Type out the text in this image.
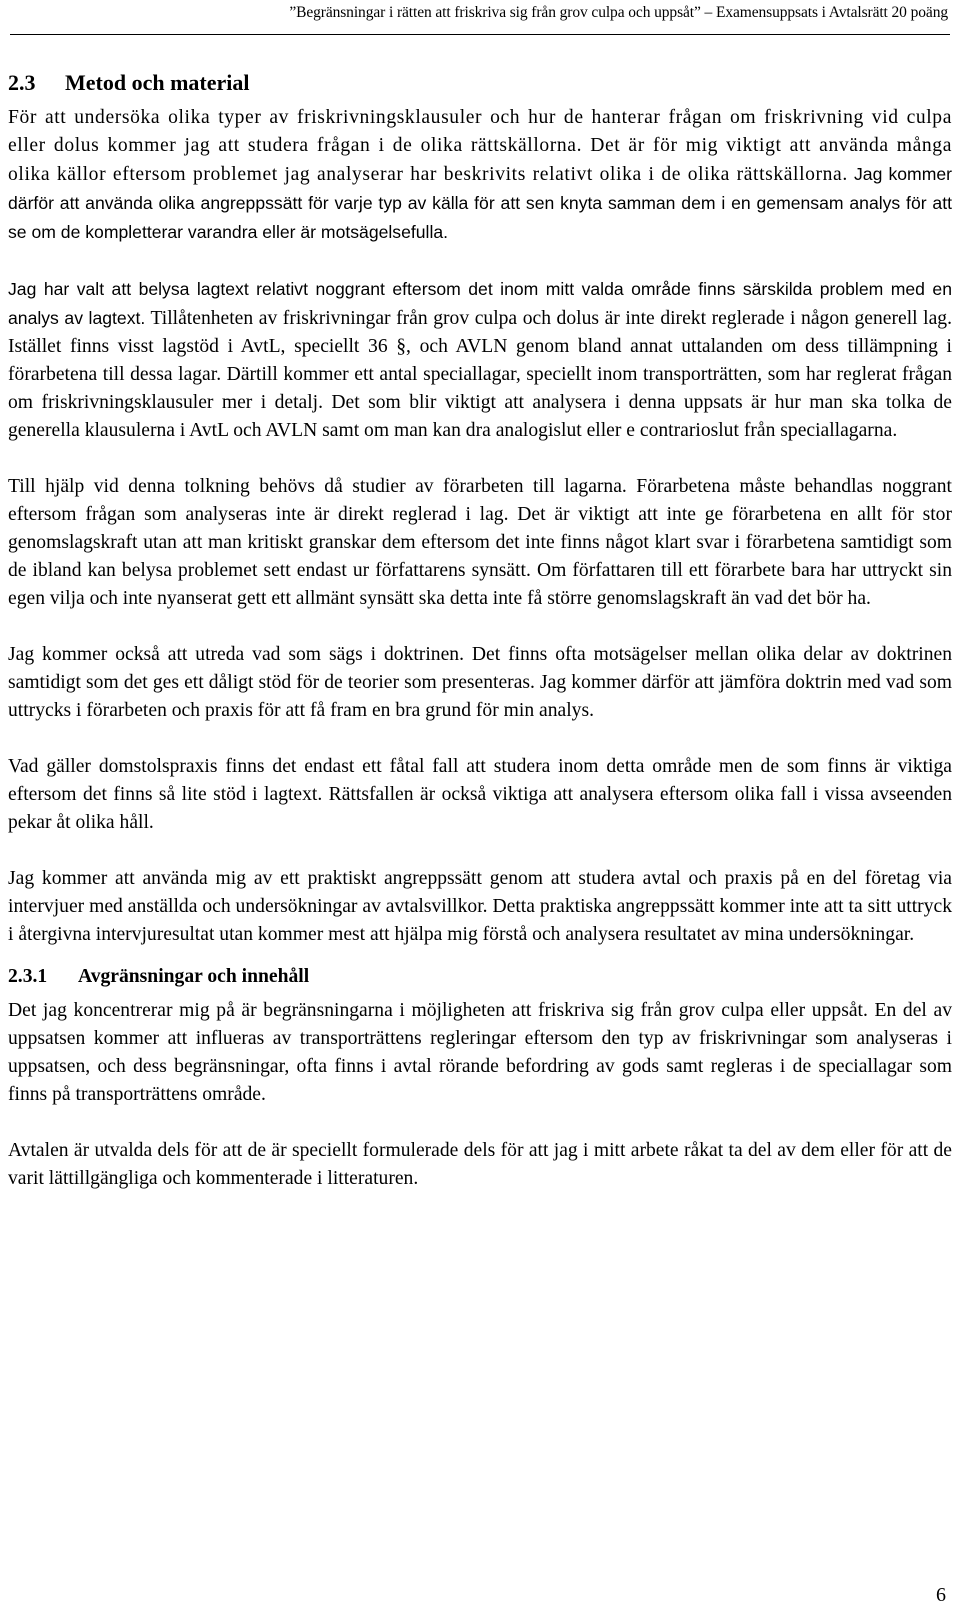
”Begränsningar i rätten att friskriva sig från grov culpa och uppsåt” – Examensuppsats i Avtalsrätt 20 poäng
2.3 Metod och material

För att undersöka olika typer av friskrivningsklausuler och hur de hanterar frågan om friskrivning vid culpa eller dolus kommer jag att studera frågan i de olika rättskällorna. Det är för mig viktigt att använda många olika källor eftersom problemet jag analyserar har beskrivits relativt olika i de olika rättskällorna. Jag kommer därför att använda olika angreppssätt för varje typ av källa för att sen knyta samman dem i en gemensam analys för att se om de kompletterar varandra eller är motsägelsefulla.

Jag har valt att belysa lagtext relativt noggrant eftersom det inom mitt valda område finns särskilda problem med en analys av lagtext. Tillåtenheten av friskrivningar från grov culpa och dolus är inte direkt reglerade i någon generell lag. Istället finns visst lagstöd i AvtL, speciellt 36 §, och AVLN genom bland annat uttalanden om dess tillämpning i förarbetena till dessa lagar. Därtill kommer ett antal speciallagar, speciellt inom transporträtten, som har reglerat frågan om friskrivningsklausuler mer i detalj. Det som blir viktigt att analysera i denna uppsats är hur man ska tolka de generella klausulerna i AvtL och AVLN samt om man kan dra analogislut eller e contrarioslut från speciallagarna.

Till hjälp vid denna tolkning behövs då studier av förarbeten till lagarna. Förarbetena måste behandlas noggrant eftersom frågan som analyseras inte är direkt reglerad i lag. Det är viktigt att inte ge förarbetena en allt för stor genomslagskraft utan att man kritiskt granskar dem eftersom det inte finns något klart svar i förarbetena samtidigt som de ibland kan belysa problemet sett endast ur författarens synsätt. Om författaren till ett förarbete bara har uttryckt sin egen vilja och inte nyanserat gett ett allmänt synsätt ska detta inte få större genomslagskraft än vad det bör ha.

Jag kommer också att utreda vad som sägs i doktrinen. Det finns ofta motsägelser mellan olika delar av doktrinen samtidigt som det ges ett dåligt stöd för de teorier som presenteras. Jag kommer därför att jämföra doktrin med vad som uttrycks i förarbeten och praxis för att få fram en bra grund för min analys.

Vad gäller domstolspraxis finns det endast ett fåtal fall att studera inom detta område men de som finns är viktiga eftersom det finns så lite stöd i lagtext. Rättsfallen är också viktiga att analysera eftersom olika fall i vissa avseenden pekar åt olika håll.

Jag kommer att använda mig av ett praktiskt angreppssätt genom att studera avtal och praxis på en del företag via intervjuer med anställda och undersökningar av avtalsvillkor. Detta praktiska angreppssätt kommer inte att ta sitt uttryck i återgivna intervjuresultat utan kommer mest att hjälpa mig förstå och analysera resultatet av mina undersökningar.

2.3.1 Avgränsningar och innehåll

Det jag koncentrerar mig på är begränsningarna i möjligheten att friskriva sig från grov culpa eller uppsåt. En del av uppsatsen kommer att influeras av transporträttens regleringar eftersom den typ av friskrivningar som analyseras i uppsatsen, och dess begränsningar, ofta finns i avtal rörande befordring av gods samt regleras i de speciallagar som finns på transporträttens område.

Avtalen är utvalda dels för att de är speciellt formulerade dels för att jag i mitt arbete råkat ta del av dem eller för att de varit lättillgängliga och kommenterade i litteraturen.

6
